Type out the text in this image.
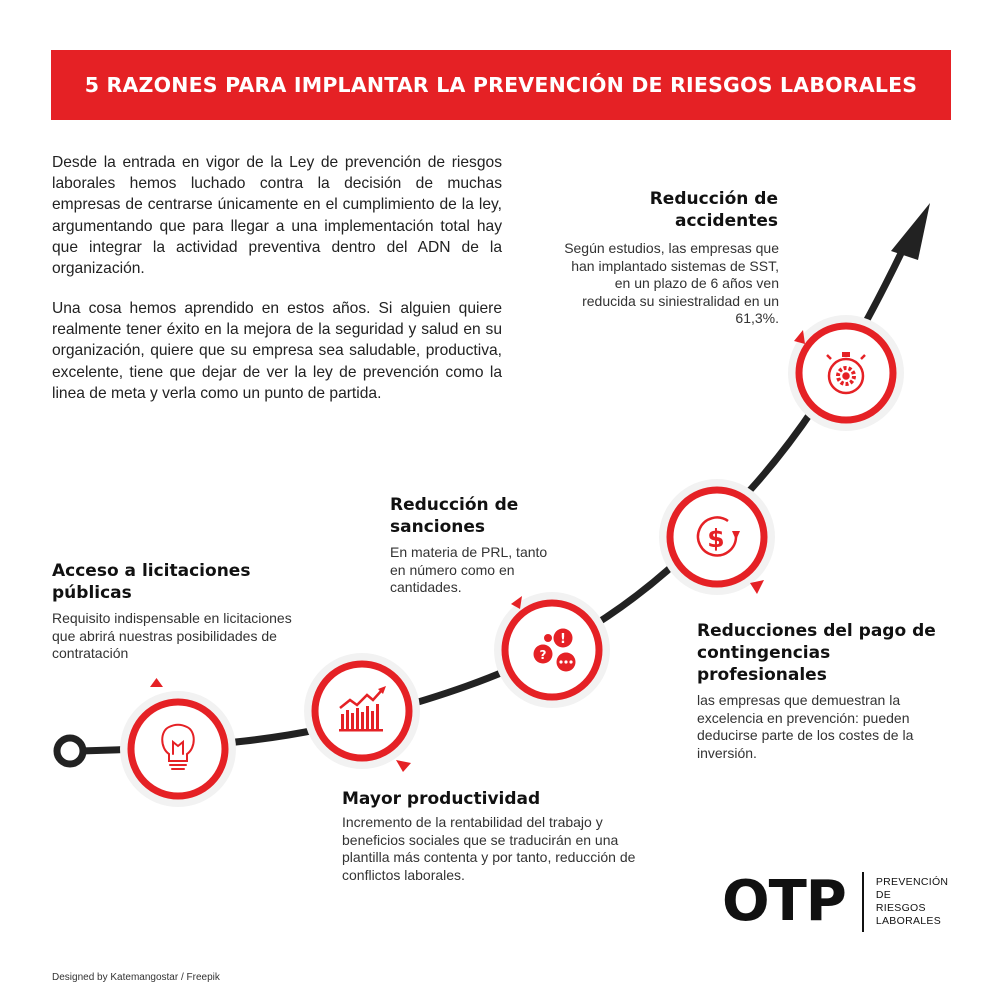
5 RAZONES PARA IMPLANTAR LA PREVENCIÓN DE RIESGOS LABORALES

Desde la entrada en vigor de la Ley de prevención de riesgos laborales hemos luchado contra la decisión de muchas empresas de centrarse únicamente en el cumplimiento de la ley, argumentando que para llegar a una implementación total hay que integrar la actividad preventiva dentro del ADN de la organización.

Una cosa hemos aprendido en estos años. Si alguien quiere realmente tener éxito en la mejora de la seguridad y salud en su organización, quiere que su empresa sea saludable, productiva, excelente, tiene que dejar de ver la ley de prevención como la linea de meta y verla como un punto de partida.

!
?
$
Acceso a licitaciones
públicas

Requisito indispensable en licitaciones que abrirá nuestras posibilidades de contratación

Mayor productividad

Incremento de la rentabilidad del trabajo y beneficios sociales que se traducirán en una plantilla más contenta y por tanto, reducción de conflictos laborales.

Reducción de
sanciones

En materia de PRL, tanto en número como en cantidades.

Reducciones del pago de
contingencias
profesionales

las empresas que demuestran la excelencia en prevención: pueden deducirse parte de los costes de la inversión.

Reducción de
accidentes

Según estudios, las empresas que han implantado sistemas de SST, en un plazo de 6 años ven reducida su siniestralidad en un 61,3%.

OTP	PREVENCIÓN
DE
RIESGOS
LABORALES
Designed by Katemangostar / Freepik
